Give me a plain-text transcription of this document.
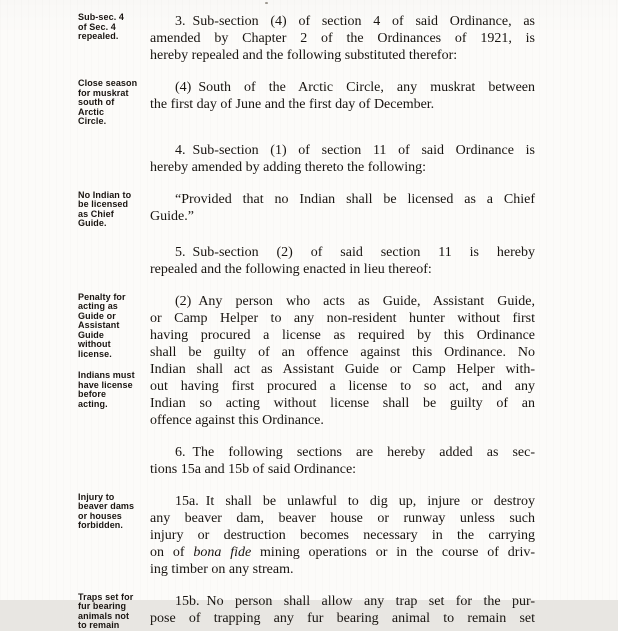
Sub-sec. 4
of Sec. 4
repealed.
3. Sub-section (4) of section 4 of said Ordinance, as
amended by Chapter 2 of the Ordinances of 1921, is
hereby repealed and the following substituted therefor:
Close season
for muskrat
south of
Arctic
Circle.
(4) South of the Arctic Circle, any muskrat between
the first day of June and the first day of December.
4. Sub-section (1) of section 11 of said Ordinance is
hereby amended by adding thereto the following:
No Indian to
be licensed
as Chief
Guide.
“Provided that no Indian shall be licensed as a Chief
Guide.”
5. Sub-section (2) of said section 11 is hereby
repealed and the following enacted in lieu thereof:
Penalty for
acting as
Guide or
Assistant
Guide
without
license.
Indians must
have license
before
acting.
(2) Any person who acts as Guide, Assistant Guide,
or Camp Helper to any non-resident hunter without first
having procured a license as required by this Ordinance
shall be guilty of an offence against this Ordinance. No
Indian shall act as Assistant Guide or Camp Helper with-
out having first procured a license to so act, and any
Indian so acting without license shall be guilty of an
offence against this Ordinance.
6. The following sections are hereby added as sec-
tions 15a and 15b of said Ordinance:
Injury to
beaver dams
or houses
forbidden.
15a. It shall be unlawful to dig up, injure or destroy
any beaver dam, beaver house or runway unless such
injury or destruction becomes necessary in the carrying
on of bona fide mining operations or in the course of driv-
ing timber on any stream.
Traps set for
fur bearing
animals not
to remain
15b. No person shall allow any trap set for the pur-
pose of trapping any fur bearing animal to remain set
